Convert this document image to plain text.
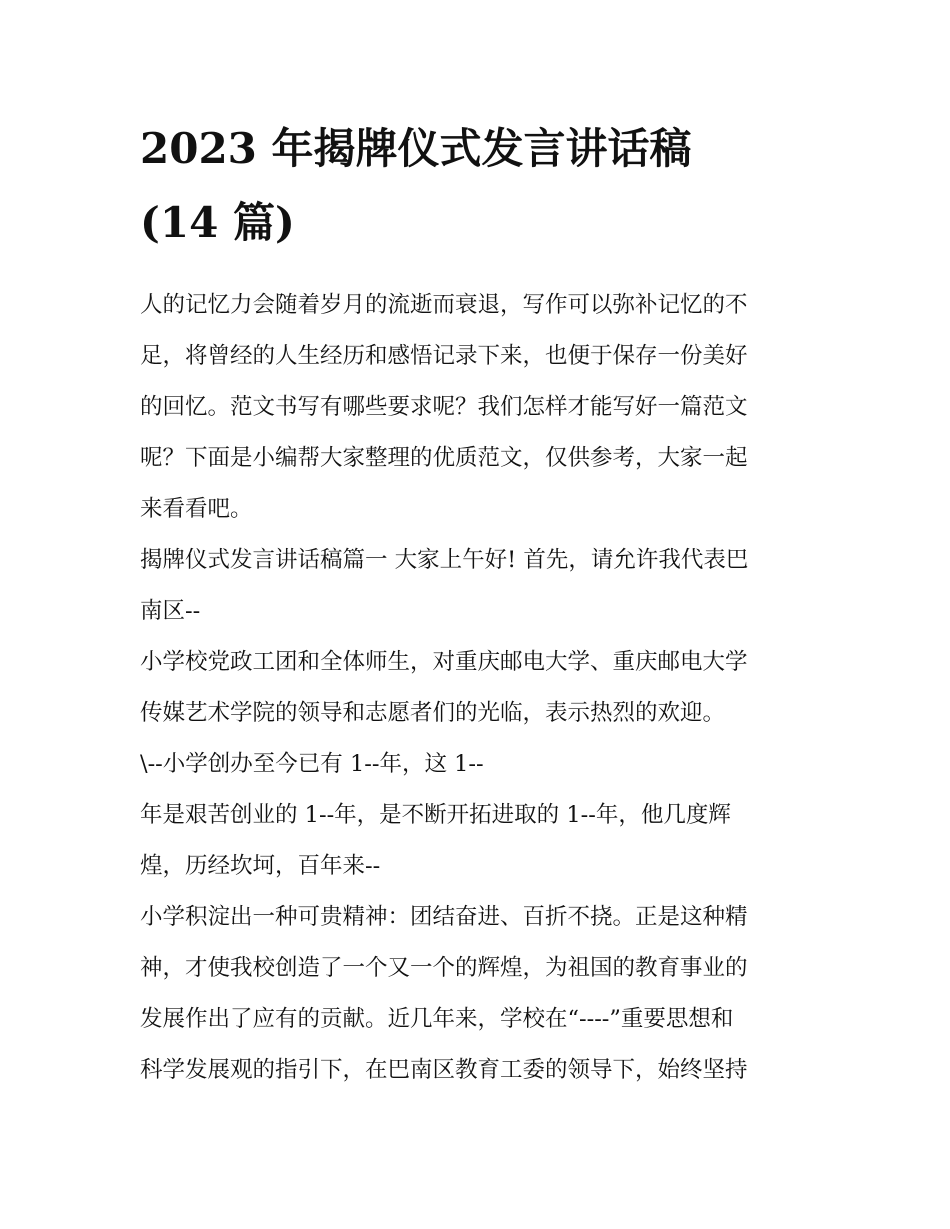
2023 年揭牌仪式发言讲话稿 (14 篇)
人的记忆力会随着岁月的流逝而衰退，写作可以弥补记忆的不
足，将曾经的人生经历和感悟记录下来，也便于保存一份美好
的回忆。范文书写有哪些要求呢？我们怎样才能写好一篇范文
呢？下面是小编帮大家整理的优质范文，仅供参考，大家一起
来看看吧。
揭牌仪式发言讲话稿篇一 大家上午好! 首先，请允许我代表巴
南区--
小学校党政工团和全体师生，对重庆邮电大学、重庆邮电大学
传媒艺术学院的领导和志愿者们的光临，表示热烈的欢迎。
\--小学创办至今已有 1--年，这 1--
年是艰苦创业的 1--年，是不断开拓进取的 1--年，他几度辉
煌，历经坎坷，百年来--
小学积淀出一种可贵精神：团结奋进、百折不挠。正是这种精
神，才使我校创造了一个又一个的辉煌，为祖国的教育事业的
发展作出了应有的贡献。近几年来，学校在“----”重要思想和
科学发展观的指引下，在巴南区教育工委的领导下，始终坚持
